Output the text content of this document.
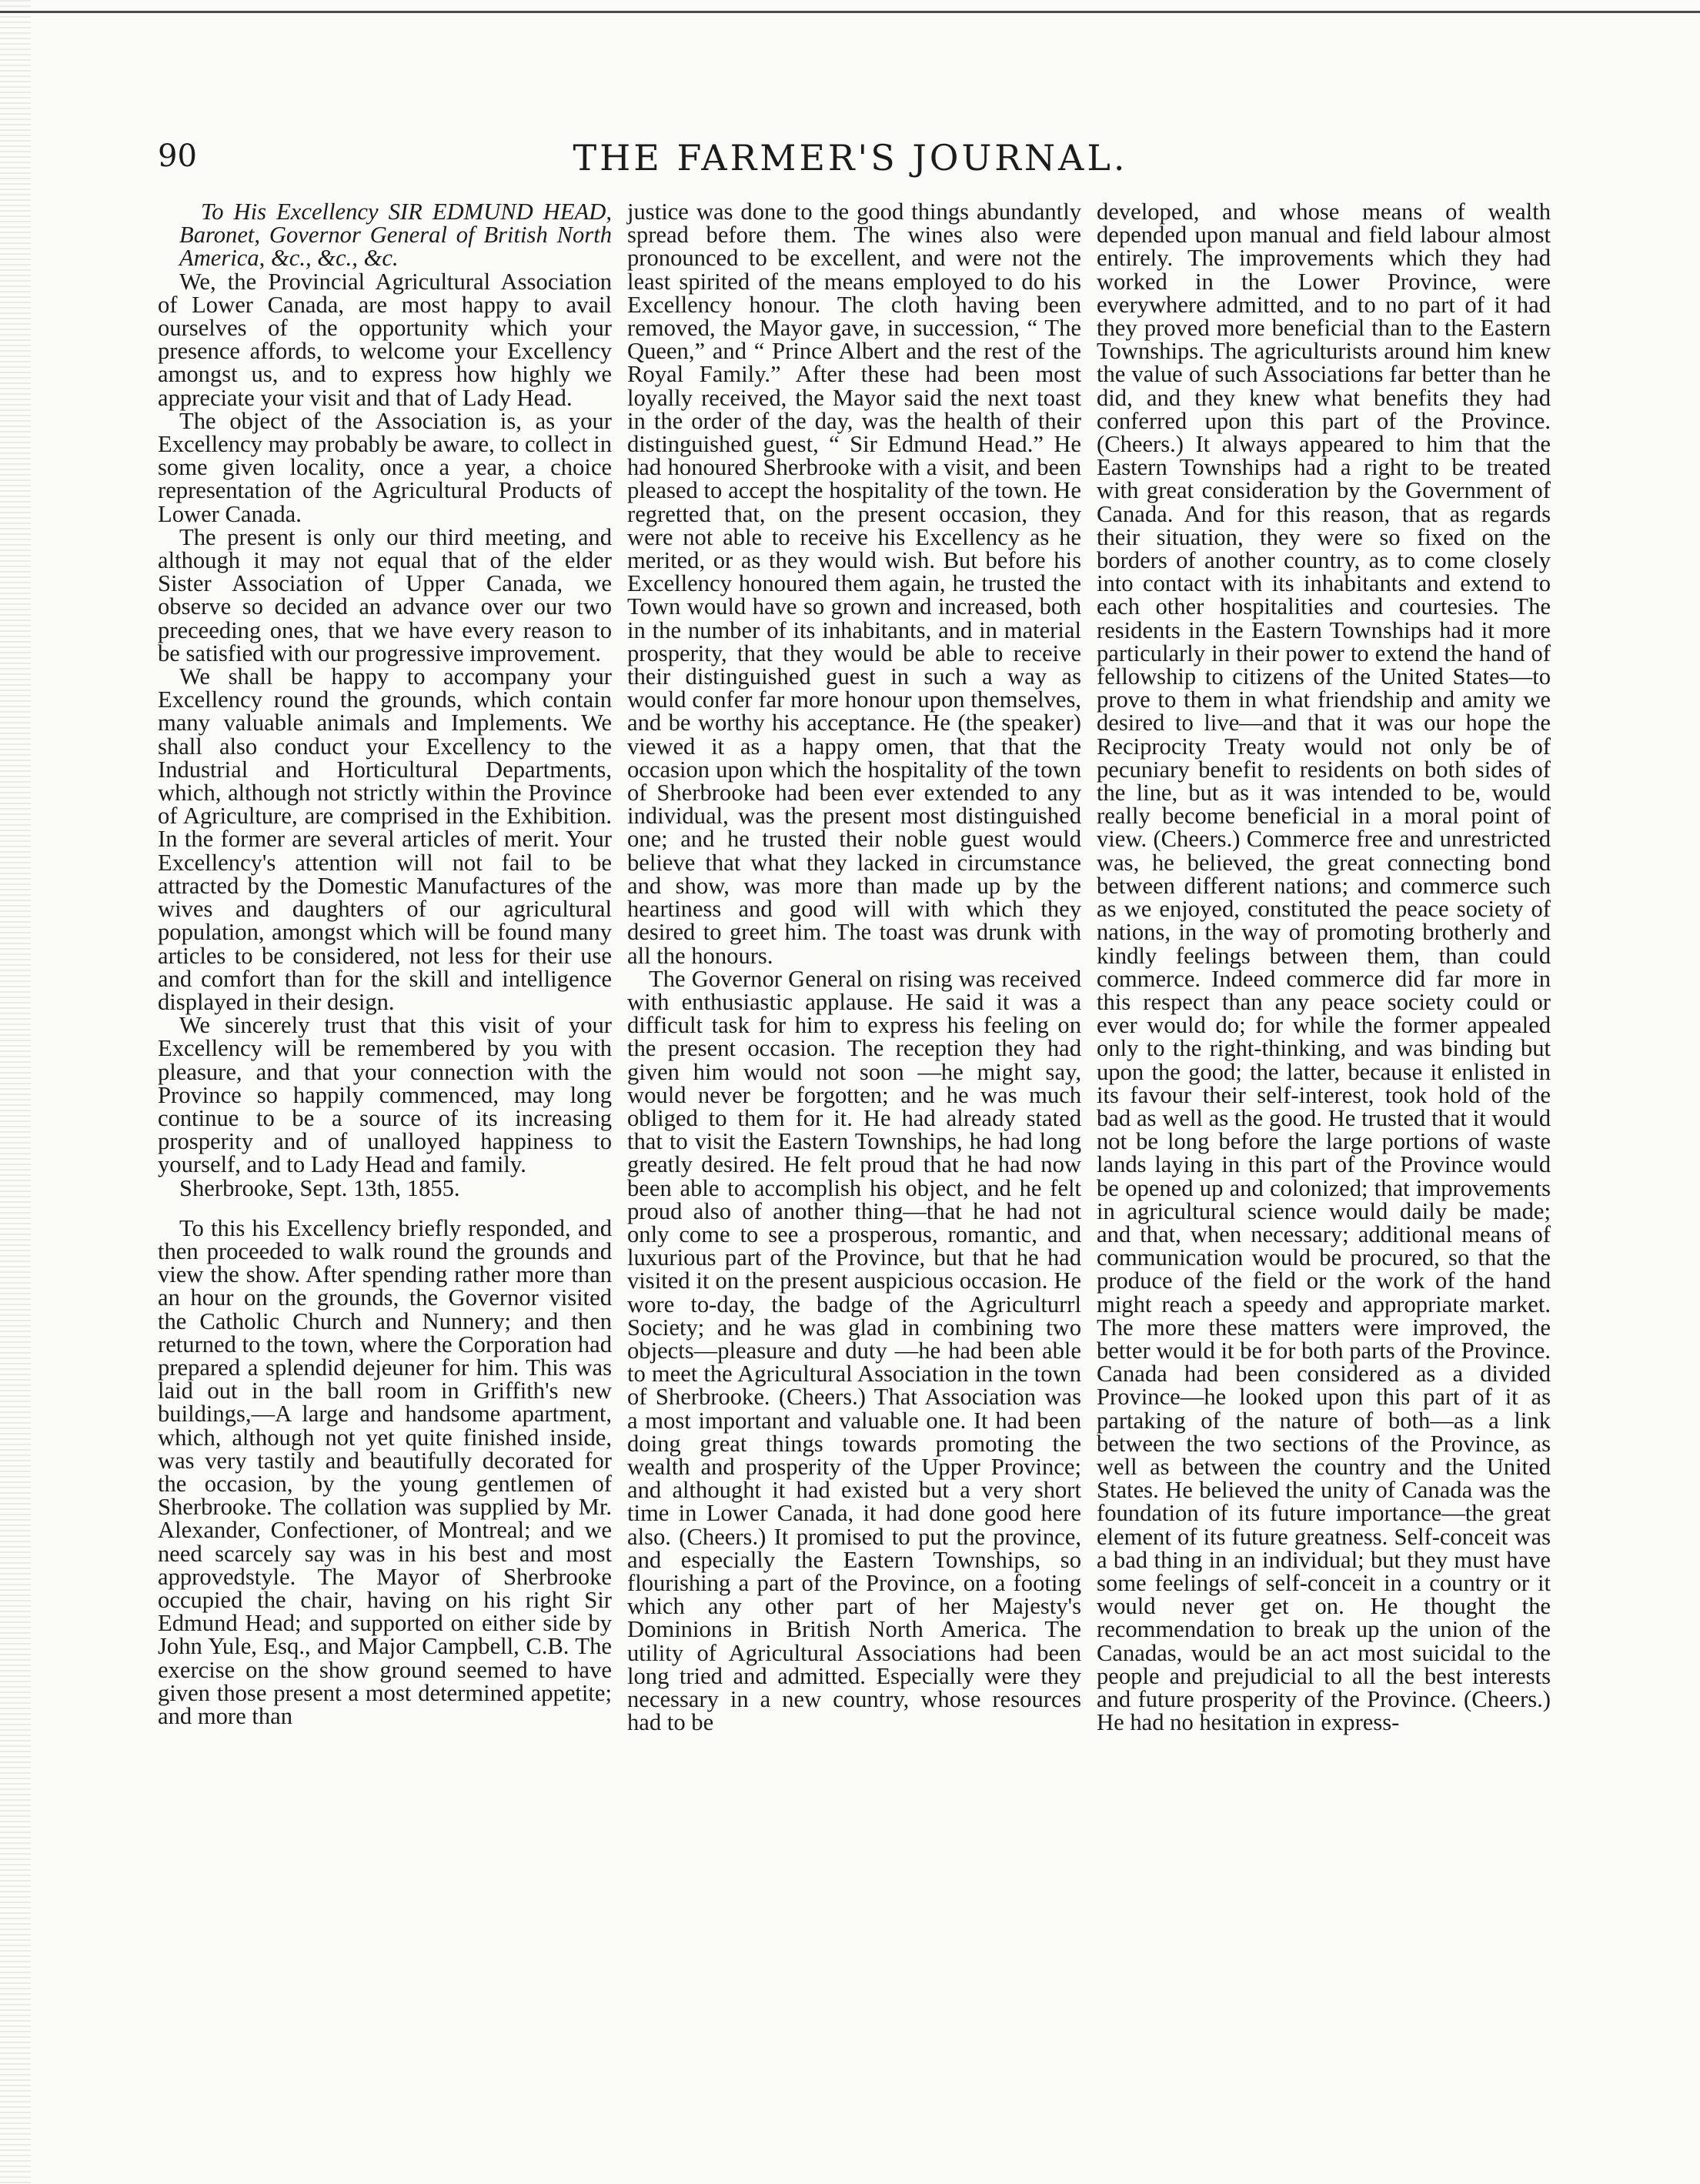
90	THE FARMER'S JOURNAL.

To His Excellency SIR EDMUND HEAD, Baronet, Governor General of British North America, &c., &c., &c.

We, the Provincial Agricultural Association of Lower Canada, are most happy to avail ourselves of the opportunity which your presence affords, to welcome your Excellency amongst us, and to express how highly we appreciate your visit and that of Lady Head.

The object of the Association is, as your Excellency may probably be aware, to collect in some given locality, once a year, a choice representation of the Agricultural Products of Lower Canada.

The present is only our third meeting, and although it may not equal that of the elder Sister Association of Upper Canada, we observe so decided an advance over our two preceeding ones, that we have every reason to be satisfied with our progressive improvement.

We shall be happy to accompany your Excellency round the grounds, which contain many valuable animals and Implements. We shall also conduct your Excellency to the Industrial and Horticultural Departments, which, although not strictly within the Province of Agriculture, are comprised in the Exhibition. In the former are several articles of merit. Your Excellency's attention will not fail to be attracted by the Domestic Manufactures of the wives and daughters of our agricultural population, amongst which will be found many articles to be considered, not less for their use and comfort than for the skill and intelligence displayed in their design.

We sincerely trust that this visit of your Excellency will be remembered by you with pleasure, and that your connection with the Province so happily commenced, may long continue to be a source of its increasing prosperity and of unalloyed happiness to yourself, and to Lady Head and family.

Sherbrooke, Sept. 13th, 1855.

To this his Excellency briefly responded, and then proceeded to walk round the grounds and view the show. After spending rather more than an hour on the grounds, the Governor visited the Catholic Church and Nunnery; and then returned to the town, where the Corporation had prepared a splendid dejeuner for him. This was laid out in the ball room in Griffith's new buildings,—A large and handsome apartment, which, although not yet quite finished inside, was very tastily and beautifully decorated for the occasion, by the young gentlemen of Sherbrooke. The collation was supplied by Mr. Alexander, Confectioner, of Montreal; and we need scarcely say was in his best and most approvedstyle. The Mayor of Sherbrooke occupied the chair, having on his right Sir Edmund Head; and supported on either side by John Yule, Esq., and Major Campbell, C.B. The exercise on the show ground seemed to have given those present a most determined appetite; and more than

justice was done to the good things abundantly spread before them. The wines also were pronounced to be excellent, and were not the least spirited of the means employed to do his Excellency honour. The cloth having been removed, the Mayor gave, in succession, “ The Queen,” and “ Prince Albert and the rest of the Royal Family.” After these had been most loyally received, the Mayor said the next toast in the order of the day, was the health of their distinguished guest, “ Sir Edmund Head.” He had honoured Sherbrooke with a visit, and been pleased to accept the hospitality of the town. He regretted that, on the present occasion, they were not able to receive his Excellency as he merited, or as they would wish. But before his Excellency honoured them again, he trusted the Town would have so grown and increased, both in the number of its inhabitants, and in material prosperity, that they would be able to receive their distinguished guest in such a way as would confer far more honour upon themselves, and be worthy his acceptance. He (the speaker) viewed it as a happy omen, that that the occasion upon which the hospitality of the town of Sherbrooke had been ever extended to any individual, was the present most distinguished one; and he trusted their noble guest would believe that what they lacked in circumstance and show, was more than made up by the heartiness and good will with which they desired to greet him. The toast was drunk with all the honours.

The Governor General on rising was received with enthusiastic applause. He said it was a difficult task for him to express his feeling on the present occasion. The reception they had given him would not soon —he might say, would never be forgotten; and he was much obliged to them for it. He had already stated that to visit the Eastern Townships, he had long greatly desired. He felt proud that he had now been able to accomplish his object, and he felt proud also of another thing—that he had not only come to see a prosperous, romantic, and luxurious part of the Province, but that he had visited it on the present auspicious occasion. He wore to-day, the badge of the Agriculturrl Society; and he was glad in combining two objects—pleasure and duty —he had been able to meet the Agricultural Association in the town of Sherbrooke. (Cheers.) That Association was a most important and valuable one. It had been doing great things towards promoting the wealth and prosperity of the Upper Province; and althought it had existed but a very short time in Lower Canada, it had done good here also. (Cheers.) It promised to put the province, and especially the Eastern Townships, so flourishing a part of the Province, on a footing which any other part of her Majesty's Dominions in British North America. The utility of Agricultural Associations had been long tried and admitted. Especially were they necessary in a new country, whose resources had to be

developed, and whose means of wealth depended upon manual and field labour almost entirely. The improvements which they had worked in the Lower Province, were everywhere admitted, and to no part of it had they proved more beneficial than to the Eastern Townships. The agriculturists around him knew the value of such Associations far better than he did, and they knew what benefits they had conferred upon this part of the Province. (Cheers.) It always appeared to him that the Eastern Townships had a right to be treated with great consideration by the Government of Canada. And for this reason, that as regards their situation, they were so fixed on the borders of another country, as to come closely into contact with its inhabitants and extend to each other hospitalities and courtesies. The residents in the Eastern Townships had it more particularly in their power to extend the hand of fellowship to citizens of the United States—to prove to them in what friendship and amity we desired to live—and that it was our hope the Reciprocity Treaty would not only be of pecuniary benefit to residents on both sides of the line, but as it was intended to be, would really become beneficial in a moral point of view. (Cheers.) Commerce free and unrestricted was, he believed, the great connecting bond between different nations; and commerce such as we enjoyed, constituted the peace society of nations, in the way of promoting brotherly and kindly feelings between them, than could commerce. Indeed commerce did far more in this respect than any peace society could or ever would do; for while the former appealed only to the right-thinking, and was binding but upon the good; the latter, because it enlisted in its favour their self-interest, took hold of the bad as well as the good. He trusted that it would not be long before the large portions of waste lands laying in this part of the Province would be opened up and colonized; that improvements in agricultural science would daily be made; and that, when necessary; additional means of communication would be procured, so that the produce of the field or the work of the hand might reach a speedy and appropriate market. The more these matters were improved, the better would it be for both parts of the Province. Canada had been considered as a divided Province—he looked upon this part of it as partaking of the nature of both—as a link between the two sections of the Province, as well as between the country and the United States. He believed the unity of Canada was the foundation of its future importance—the great element of its future greatness. Self-conceit was a bad thing in an individual; but they must have some feelings of self-conceit in a country or it would never get on. He thought the recommendation to break up the union of the Canadas, would be an act most suicidal to the people and prejudicial to all the best interests and future prosperity of the Province. (Cheers.) He had no hesitation in express-
